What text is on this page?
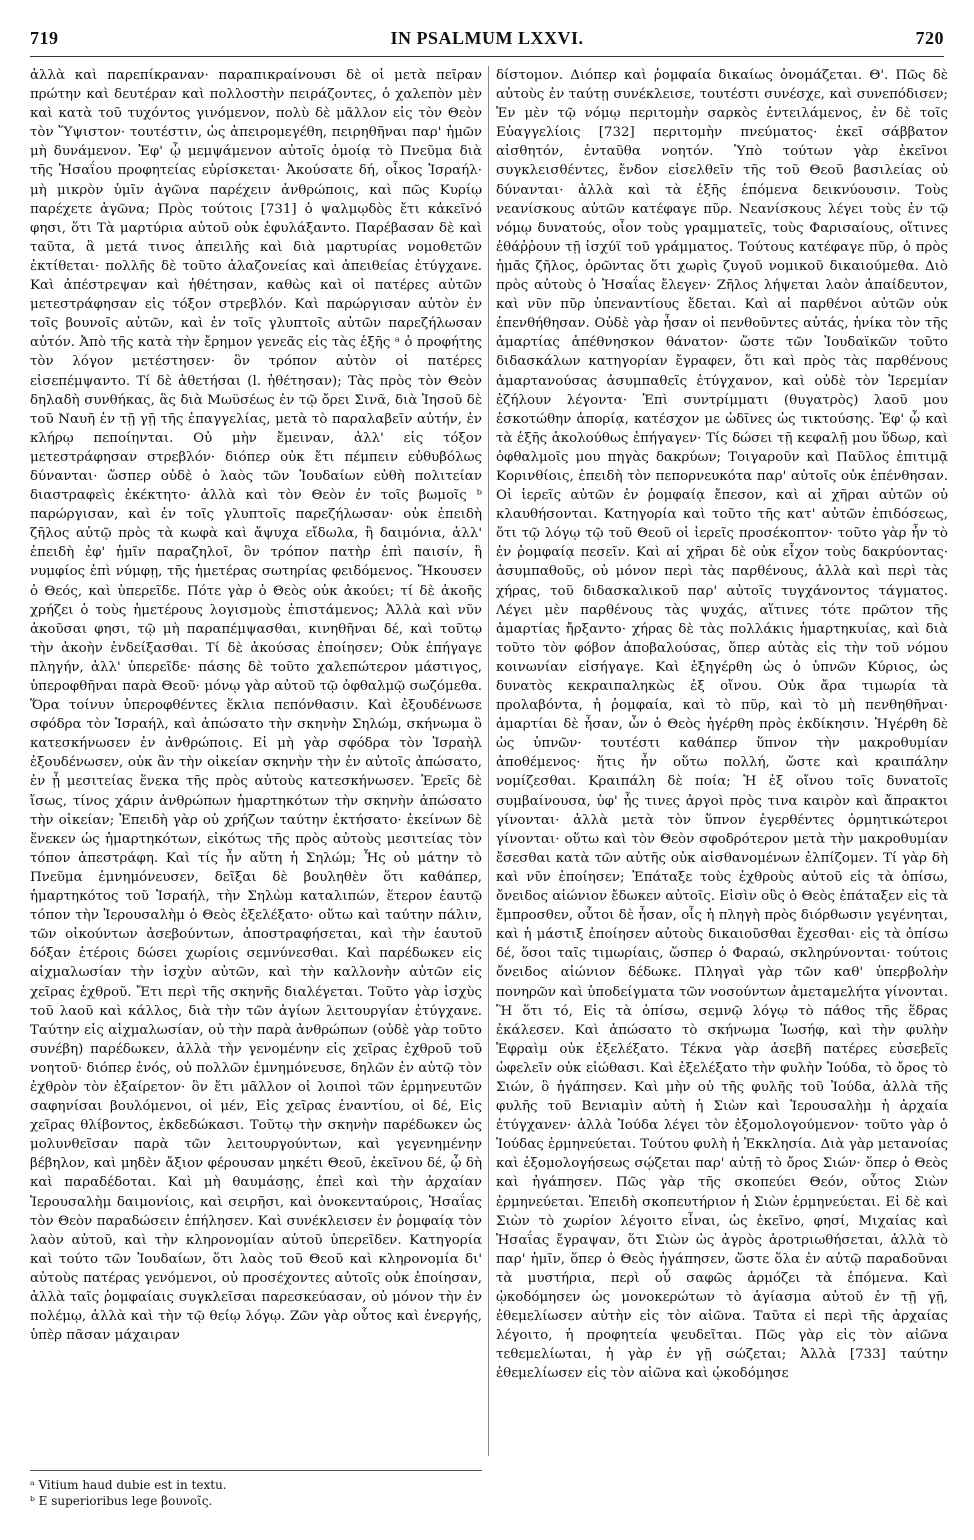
719	IN PSALMUM LXXVI.	720

ἀλλὰ καὶ παρεπίκραναν· παραπικραίνουσι δὲ οἱ μετὰ πεῖραν πρώτην καὶ δευτέραν καὶ πολλοστὴν πειράζοντες, ὁ χαλεπὸν μὲν καὶ κατὰ τοῦ τυχόντος γινόμενον, πολὺ δὲ μᾶλλον εἰς τὸν Θεὸν τὸν Ὕψιστον· τουτέστιν, ὡς ἀπειρομεγέθη, πειρηθῆναι παρ' ἡμῶν μὴ δυνάμενον. Ἐφ' ᾧ μεμψάμενον αὐτοῖς ὁμοίᾳ τὸ Πνεῦμα διὰ τῆς Ἡσαΐου προφητείας εὑρίσκεται· Ἀκούσατε δή, οἶκος Ἰσραήλ· μὴ μικρὸν ὑμῖν ἀγῶνα παρέχειν ἀνθρώποις, καὶ πῶς Κυρίῳ παρέχετε ἀγῶνα; Πρὸς τούτοις [731] ὁ ψαλμῳδὸς ἔτι κἀκεῖνό φησι, ὅτι Τὰ μαρτύρια αὐτοῦ οὐκ ἐφυλάξαντο. Παρέβασαν δὲ καὶ ταῦτα, ἃ μετά τινος ἀπειλῆς καὶ διὰ μαρτυρίας νομοθετῶν ἐκτίθεται· πολλῆς δὲ τοῦτο ἀλαζονείας καὶ ἀπειθείας ἐτύγχανε. Καὶ ἀπέστρεψαν καὶ ἠθέτησαν, καθὼς καὶ οἱ πατέρες αὐτῶν μετεστράφησαν εἰς τόξον στρεβλόν. Καὶ παρώργισαν αὐτὸν ἐν τοῖς βουνοῖς αὐτῶν, καὶ ἐν τοῖς γλυπτοῖς αὐτῶν παρεζήλωσαν αὐτόν. Ἀπὸ τῆς κατὰ τὴν ἔρημον γενεᾶς εἰς τὰς ἑξῆς ᵃ ὁ προφήτης τὸν λόγον μετέστησεν· ὃν τρόπον αὐτὸν οἱ πατέρες εἰσεπέμψαντο. Τί δὲ ἀθετήσαι (l. ἠθέτησαν); Τὰς πρὸς τὸν Θεὸν δηλαδὴ συνθήκας, ἃς διὰ Μωϋσέως ἐν τῷ ὄρει Σινᾶ, διὰ Ἰησοῦ δὲ τοῦ Ναυῆ ἐν τῇ γῇ τῆς ἐπαγγελίας, μετὰ τὸ παραλαβεῖν αὐτήν, ἐν κλήρῳ πεποίηνται. Οὐ μὴν ἔμειναν, ἀλλ' εἰς τόξον μετεστράφησαν στρεβλόν· διόπερ οὐκ ἔτι πέμπειν εὐθυβόλως δύνανται· ὥσπερ οὐδὲ ὁ λαὸς τῶν Ἰουδαίων εὐθὴ πολιτείαν διαστραφεὶς ἐκέκτητο· ἀλλὰ καὶ τὸν Θεὸν ἐν τοῖς βωμοῖς ᵇ παρώργισαν, καὶ ἐν τοῖς γλυπτοῖς παρεζήλωσαν· οὐκ ἐπειδὴ ζῆλος αὐτῷ πρὸς τὰ κωφὰ καὶ ἄψυχα εἴδωλα, ἢ δαιμόνια, ἀλλ' ἐπειδὴ ἐφ' ἡμῖν παραζηλοῖ, ὃν τρόπον πατὴρ ἐπὶ παισίν, ἢ νυμφίος ἐπὶ νύμφῃ, τῆς ἡμετέρας σωτηρίας φειδόμενος. Ἤκουσεν ὁ Θεός, καὶ ὑπερεῖδε. Πότε γὰρ ὁ Θεὸς οὐκ ἀκούει; τί δὲ ἀκοῆς χρήζει ὁ τοὺς ἡμετέρους λογισμοὺς ἐπιστάμενος; Ἀλλὰ καὶ νῦν ἀκοῦσαι φησι, τῷ μὴ παραπέμψασθαι, κινηθῆναι δέ, καὶ τοῦτῳ τὴν ἀκοὴν ἐνδείξασθαι. Τί δὲ ἀκούσας ἐποίησεν; Οὐκ ἐπήγαγε πληγήν, ἀλλ' ὑπερεῖδε· πάσης δὲ τοῦτο χαλεπώτερον μάστιγος, ὑπεροφθῆναι παρὰ Θεοῦ· μόνῳ γὰρ αὐτοῦ τῷ ὀφθαλμῷ σωζόμεθα. Ὅρα τοίνυν ὑπεροφθέντες ἕκλια πεπόνθασιν. Καὶ ἐξουδένωσε σφόδρα τὸν Ἰσραήλ, καὶ ἀπώσατο τὴν σκηνὴν Σηλώμ, σκήνωμα ὃ κατεσκήνωσεν ἐν ἀνθρώποις. Εἰ μὴ γὰρ σφόδρα τὸν Ἰσραὴλ ἐξουδένωσεν, οὐκ ἂν τὴν οἰκείαν σκηνὴν τὴν ἐν αὐτοῖς ἀπώσατο, ἐν ᾗ μεσιτείας ἕνεκα τῆς πρὸς αὐτοὺς κατεσκήνωσεν. Ἐρεῖς δὲ ἴσως, τίνος χάριν ἀνθρώπων ἡμαρτηκότων τὴν σκηνὴν ἀπώσατο τὴν οἰκείαν; Ἐπειδὴ γὰρ οὐ χρήζων ταύτην ἐκτήσατο· ἐκείνων δὲ ἕνεκεν ὡς ἡμαρτηκότων, εἰκότως τῆς πρὸς αὐτοὺς μεσιτείας τὸν τόπον ἀπεστράφη. Καὶ τίς ἦν αὕτη ἡ Σηλώμ; Ἧς οὐ μάτην τὸ Πνεῦμα ἐμνημόνευσεν, δεῖξαι δὲ βουληθὲν ὅτι καθάπερ, ἡμαρτηκότος τοῦ Ἰσραήλ, τὴν Σηλὼμ καταλιπών, ἕτερον ἑαυτῷ τόπον τὴν Ἱερουσαλὴμ ὁ Θεὸς ἐξελέξατο· οὕτω καὶ ταύτην πάλιν, τῶν οἰκούντων ἀσεβούντων, ἀποστραφήσεται, καὶ τὴν ἑαυτοῦ δόξαν ἑτέροις δώσει χωρίοις σεμνύνεσθαι. Καὶ παρέδωκεν εἰς αἰχμαλωσίαν τὴν ἰσχὺν αὐτῶν, καὶ τὴν καλλονὴν αὐτῶν εἰς χεῖρας ἐχθροῦ. Ἔτι περὶ τῆς σκηνῆς διαλέγεται. Τοῦτο γὰρ ἰσχὺς τοῦ λαοῦ καὶ κάλλος, διὰ τὴν τῶν ἁγίων λειτουργίαν ἐτύγχανε. Ταύτην εἰς αἰχμαλωσίαν, οὐ τὴν παρὰ ἀνθρώπων (οὐδὲ γὰρ τοῦτο συνέβη) παρέδωκεν, ἀλλὰ τὴν γενομένην εἰς χεῖρας ἐχθροῦ τοῦ νοητοῦ· διόπερ ἑνός, οὐ πολλῶν ἐμνημόνευσε, δηλῶν ἐν αὐτῷ τὸν ἐχθρὸν τὸν ἐξαίρετον· ὃν ἔτι μᾶλλον οἱ λοιποὶ τῶν ἑρμηνευτῶν σαφηνίσαι βουλόμενοι, οἱ μέν, Εἰς χεῖρας ἐναντίου, οἱ δέ, Εἰς χεῖρας θλίβοντος, ἐκδεδώκασι. Τοῦτῳ τὴν σκηνὴν παρέδωκεν ὡς μολυνθεῖσαν παρὰ τῶν λειτουργούντων, καὶ γεγενημένην βέβηλον, καὶ μηδὲν ἄξιον φέρουσαν μηκέτι Θεοῦ, ἐκεῖνου δέ, ᾧ δὴ καὶ παραδέδοται. Καὶ μὴ θαυμάσῃς, ἐπεὶ καὶ τὴν ἀρχαίαν Ἱερουσαλὴμ δαιμονίοις, καὶ σειρῆσι, καὶ ὀνοκενταύροις, Ἡσαΐας τὸν Θεὸν παραδώσειν ἐπήλησεν. Καὶ συνέκλεισεν ἐν ῥομφαίᾳ τὸν λαὸν αὐτοῦ, καὶ τὴν κληρονομίαν αὐτοῦ ὑπερεῖδεν. Κατηγορία καὶ τούτο τῶν Ἰουδαίων, ὅτι λαὸς τοῦ Θεοῦ καὶ κληρονομία δι' αὐτοὺς πατέρας γενόμενοι, οὐ προσέχοντες αὐτοῖς οὐκ ἐποίησαν, ἀλλὰ ταῖς ῥομφαίαις συγκλεῖσαι παρεσκεύασαν, οὐ μόνον τὴν ἐν πολέμῳ, ἀλλὰ καὶ τὴν τῷ θείῳ λόγῳ. Ζῶν γὰρ οὗτος καὶ ἐνεργής, ὑπὲρ πᾶσαν μάχαιραν

δίστομον. Διόπερ καὶ ῥομφαία δικαίως ὀνομάζεται. Θ'. Πῶς δὲ αὐτοὺς ἐν ταύτῃ συνέκλεισε, τουτέστι συνέσχε, καὶ συνεπόδισεν; Ἐν μὲν τῷ νόμῳ περιτομὴν σαρκὸς ἐντειλάμενος, ἐν δὲ τοῖς Εὐαγγελίοις [732] περιτομὴν πνεύματος· ἐκεῖ σάββατον αἰσθητόν, ἐνταῦθα νοητόν. Ὑπὸ τούτων γὰρ ἐκεῖνοι συγκλεισθέντες, ἔνδον εἰσελθεῖν τῆς τοῦ Θεοῦ βασιλείας οὐ δύνανται· ἀλλὰ καὶ τὰ ἑξῆς ἑπόμενα δεικνύουσιν. Τοὺς νεανίσκους αὐτῶν κατέφαγε πῦρ. Νεανίσκους λέγει τοὺς ἐν τῷ νόμῳ δυνατούς, οἷον τοὺς γραμματεῖς, τοὺς Φαρισαίους, οἵτινες ἐθάῤῥουν τῇ ἰσχύϊ τοῦ γράμματος. Τούτους κατέφαγε πῦρ, ὁ πρὸς ἡμᾶς ζῆλος, ὁρῶντας ὅτι χωρὶς ζυγοῦ νομικοῦ δικαιούμεθα. Διὸ πρὸς αὐτοὺς ὁ Ἡσαΐας ἔλεγεν· Ζῆλος λήψεται λαὸν ἀπαίδευτον, καὶ νῦν πῦρ ὑπεναντίους ἔδεται. Καὶ αἱ παρθένοι αὐτῶν οὐκ ἐπενθήθησαν. Οὐδὲ γὰρ ἦσαν οἱ πενθοῦντες αὐτάς, ἡνίκα τὸν τῆς ἁμαρτίας ἀπέθνησκον θάνατον· ὥστε τῶν Ἰουδαϊκῶν τοῦτο διδασκάλων κατηγορίαν ἔγραφεν, ὅτι καὶ πρὸς τὰς παρθένους ἁμαρτανούσας ἀσυμπαθεῖς ἐτύγχανον, καὶ οὐδὲ τὸν Ἱερεμίαν ἐζήλουν λέγοντα· Ἐπὶ συντρίμματι (θυγατρὸς) λαοῦ μου ἐσκοτώθην ἀπορίᾳ, κατέσχον με ὠδῖνες ὡς τικτούσης. Ἐφ' ᾧ καὶ τὰ ἑξῆς ἀκολούθως ἐπήγαγεν· Τίς δώσει τῇ κεφαλῇ μου ὕδωρ, καὶ ὀφθαλμοῖς μου πηγὰς δακρύων; Τοιγαροῦν καὶ Παῦλος ἐπιτιμᾷ Κορινθίοις, ἐπειδὴ τὸν πεπορνευκότα παρ' αὐτοῖς οὐκ ἐπένθησαν. Οἱ ἱερεῖς αὐτῶν ἐν ῥομφαίᾳ ἔπεσον, καὶ αἱ χῆραι αὐτῶν οὐ κλαυθήσονται. Κατηγορία καὶ τοῦτο τῆς κατ' αὐτῶν ἐπιδόσεως, ὅτι τῷ λόγῳ τῷ τοῦ Θεοῦ οἱ ἱερεῖς προσέκοπτον· τοῦτο γὰρ ἦν τὸ ἐν ῥομφαίᾳ πεσεῖν. Καὶ αἱ χῆραι δὲ οὐκ εἶχον τοὺς δακρύοντας· ἀσυμπαθοῦς, οὐ μόνον περὶ τὰς παρθένους, ἀλλὰ καὶ περὶ τὰς χήρας, τοῦ διδασκαλικοῦ παρ' αὐτοῖς τυγχάνοντος τάγματος. Λέγει μὲν παρθένους τὰς ψυχάς, αἵτινες τότε πρῶτον τῆς ἁμαρτίας ἤρξαντο· χήρας δὲ τὰς πολλάκις ἡμαρτηκυίας, καὶ διὰ τοῦτο τὸν φόβον ἀποβαλούσας, ὅπερ αὐτὰς εἰς τὴν τοῦ νόμου κοινωνίαν εἰσήγαγε. Καὶ ἐξηγέρθη ὡς ὁ ὑπνῶν Κύριος, ὡς δυνατὸς κεκραιπαληκὼς ἐξ οἴνου. Οὐκ ἄρα τιμωρία τὰ προλαβόντα, ἡ ῥομφαία, καὶ τὸ πῦρ, καὶ τὸ μὴ πενθηθῆναι· ἁμαρτίαι δὲ ἦσαν, ὧν ὁ Θεὸς ἠγέρθη πρὸς ἐκδίκησιν. Ἠγέρθη δὲ ὡς ὑπνῶν· τουτέστι καθάπερ ὕπνον τὴν μακροθυμίαν ἀποθέμενος· ἥτις ἦν οὕτω πολλή, ὥστε καὶ κραιπάλην νομίζεσθαι. Κραιπάλη δὲ ποία; Ἡ ἐξ οἴνου τοῖς δυνατοῖς συμβαίνουσα, ὑφ' ἧς τινες ἀργοὶ πρὸς τινα καιρὸν καὶ ἄπρακτοι γίνονται· ἀλλὰ μετὰ τὸν ὕπνον ἐγερθέντες ὁρμητικώτεροι γίνονται· οὕτω καὶ τὸν Θεὸν σφοδρότερον μετὰ τὴν μακροθυμίαν ἔσεσθαι κατὰ τῶν αὐτῆς οὐκ αἰσθανομένων ἐλπίζομεν. Τί γὰρ δὴ καὶ νῦν ἐποίησεν; Ἐπάταξε τοὺς ἐχθροὺς αὐτοῦ εἰς τὰ ὀπίσω, ὄνειδος αἰώνιον ἔδωκεν αὐτοῖς. Εἰσὶν οὓς ὁ Θεὸς ἐπάταξεν εἰς τὰ ἔμπροσθεν, οὗτοι δὲ ἦσαν, οἷς ἡ πληγὴ πρὸς διόρθωσιν γεγένηται, καὶ ἡ μάστιξ ἐποίησεν αὐτοὺς δικαιοῦσθαι ἔχεσθαι· εἰς τὰ ὀπίσω δέ, ὅσοι ταῖς τιμωρίαις, ὥσπερ ὁ Φαραώ, σκληρύνονται· τούτοις ὄνειδος αἰώνιον δέδωκε. Πληγαὶ γὰρ τῶν καθ' ὑπερβολὴν πονηρῶν καὶ ὑποδείγματα τῶν νοσούντων ἀμεταμελήτα γίνονται. Ἢ ὅτι τό, Εἰς τὰ ὀπίσω, σεμνῷ λόγῳ τὸ πάθος τῆς ἕδρας ἐκάλεσεν. Καὶ ἀπώσατο τὸ σκήνωμα Ἰωσήφ, καὶ τὴν φυλὴν Ἐφραὶμ οὐκ ἐξελέξατο. Τέκνα γὰρ ἀσεβῆ πατέρες εὐσεβεῖς ὠφελεῖν οὐκ εἰώθασι. Καὶ ἐξελέξατο τὴν φυλὴν Ἰούδα, τὸ ὄρος τὸ Σιών, ὃ ἠγάπησεν. Καὶ μὴν οὐ τῆς φυλῆς τοῦ Ἰούδα, ἀλλὰ τῆς φυλῆς τοῦ Βενιαμὶν αὐτὴ ἡ Σιὼν καὶ Ἱερουσαλὴμ ἡ ἀρχαία ἐτύγχανεν· ἀλλὰ Ἰούδα λέγει τὸν ἐξομολογούμενον· τοῦτο γὰρ ὁ Ἰούδας ἑρμηνεύεται. Τούτου φυλὴ ἡ Ἐκκλησία. Διὰ γὰρ μετανοίας καὶ ἐξομολογήσεως σῴζεται παρ' αὐτῇ τὸ ὄρος Σιών· ὅπερ ὁ Θεὸς καὶ ἠγάπησεν. Πῶς γὰρ τῆς σκοπεύει Θεόν, οὗτος Σιὼν ἐρμηνεύεται. Ἐπειδὴ σκοπευτήριον ἡ Σιὼν ἑρμηνεύεται. Εἰ δὲ καὶ Σιὼν τὸ χωρίον λέγοιτο εἶναι, ὡς ἐκεῖνο, φησί, Μιχαίας καὶ Ἡσαΐας ἔγραψαν, ὅτι Σιὼν ὡς ἀγρὸς ἀροτριωθήσεται, ἀλλὰ τὸ παρ' ἡμῖν, ὅπερ ὁ Θεὸς ἠγάπησεν, ὥστε ὅλα ἐν αὐτῷ παραδοῦναι τὰ μυστήρια, περὶ οὗ σαφῶς ἁρμόζει τὰ ἑπόμενα. Καὶ ᾠκοδόμησεν ὡς μονοκερώτων τὸ ἁγίασμα αὐτοῦ ἐν τῇ γῇ, ἐθεμελίωσεν αὐτὴν εἰς τὸν αἰῶνα. Ταῦτα εἰ περὶ τῆς ἀρχαίας λέγοιτο, ἡ προφητεία ψευδεῖται. Πῶς γὰρ εἰς τὸν αἰῶνα τεθεμελίωται, ἡ γὰρ ἐν γῇ σώζεται; Ἀλλὰ [733] ταύτην ἐθεμελίωσεν εἰς τὸν αἰῶνα καὶ ᾠκοδόμησε

ᵃ Vitium haud dubie est in textu.

ᵇ E superioribus lege βουνοῖς.
